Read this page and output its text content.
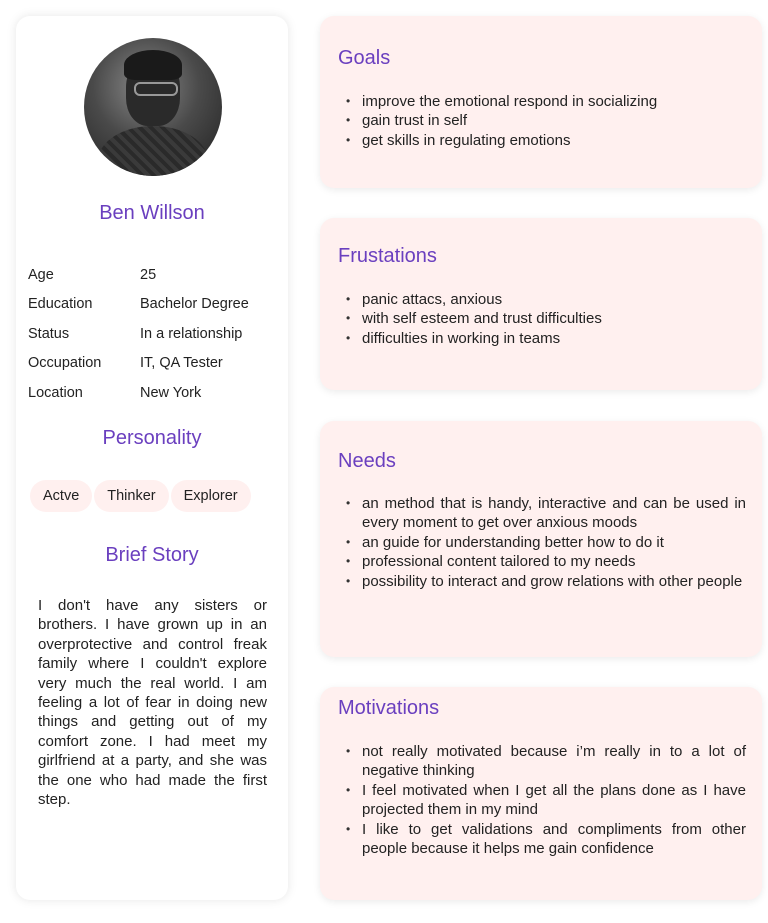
Ben Willson
Age	25
Education	Bachelor Degree
Status	In a relationship
Occupation	IT, QA Tester
Location	New York
Personality
Actve	Thinker	Explorer
Brief Story
I don't have any sisters or brothers. I have grown up in an overprotective and control freak family where I couldn't explore very much the real world. I am feeling a lot of fear in doing new things and getting out of my comfort zone. I had meet my girlfriend at a party, and she was the one who had made the first step.
Goals
• improve the emotional respond in socializing
• gain trust in self
• get skills in regulating emotions
Frustations
• panic attacs, anxious
• with self esteem and trust difficulties
• difficulties in working in teams
Needs
• an method that is handy, interactive and can be used in every moment to get over anxious moods
• an guide for understanding better how to do it
• professional content tailored to my needs
• possibility to interact and grow relations with other people
Motivations
• not really motivated because i’m really in to a lot of negative thinking
• I feel motivated when I get all the plans done as I have projected them in my mind
• I like to get validations and compliments from other people because it helps me gain confidence
